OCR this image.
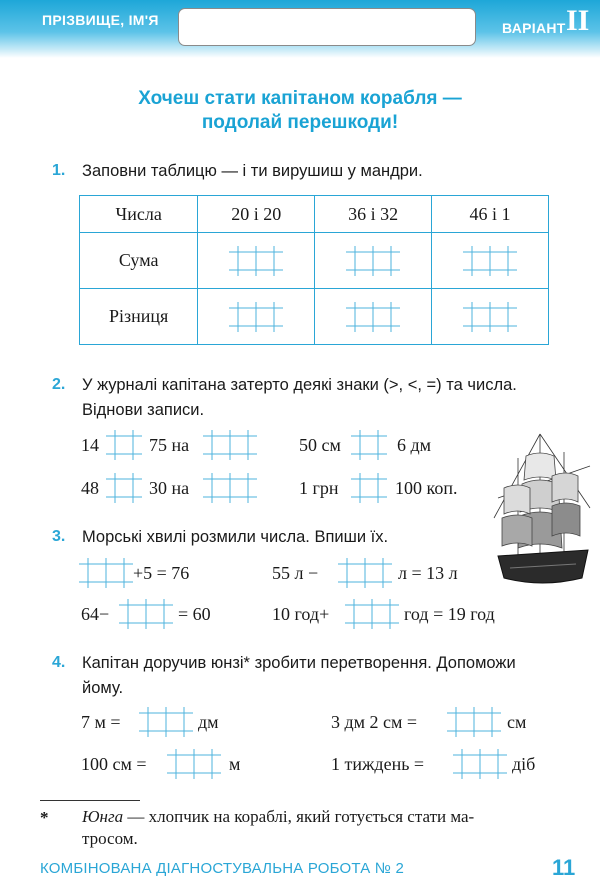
ПРІЗВИЩЕ, ІМ'Я	ВАРІАНТ II
Хочеш стати капітаном корабля —
подолай перешкоди!
1. Заповни таблицю — і ти вирушиш у мандри.
Числа	20 і 20	36 і 32	46 і 1
Сума			
Різниця			
2. У журналі капітана затерто деякі знаки (>, <, =) та числа.
Віднови записи.
14	75 на
48	30 на
50 см	6 дм
1 грн	100 коп.
3. Морські хвилі розмили числа. Впиши їх.
+5 = 76
64−	= 60
55 л −	л = 13 л
10 год+	год = 19 год
4. Капітан доручив юнзі* зробити перетворення. Допоможи
йому.
7 м =	дм
100 см =	м
3 дм 2 см =	см
1 тиждень =	діб
* Юнга — хлопчик на кораблі, який готується стати ма-
тросом.
КОМБІНОВАНА ДІАГНОСТУВАЛЬНА РОБОТА № 2	11
